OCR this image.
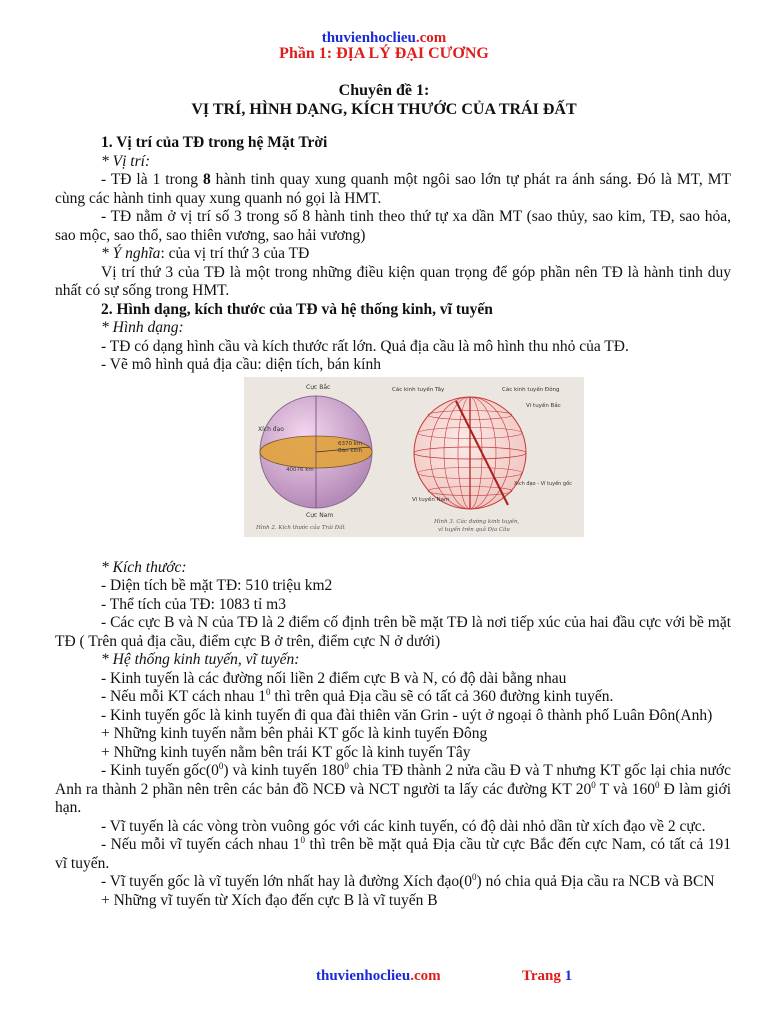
thuvienhoclieu.com
Phần 1: ĐỊA LÝ ĐẠI CƯƠNG
Chuyên đề 1:
VỊ TRÍ, HÌNH DẠNG, KÍCH THƯỚC CỦA TRÁI ĐẤT

1. Vị trí của TĐ trong hệ Mặt Trời

* Vị trí:

- TĐ là 1 trong 8 hành tinh quay xung quanh một ngôi sao lớn tự phát ra ánh sáng. Đó là MT, MT cùng các hành tinh quay xung quanh nó gọi là HMT.

- TĐ nằm ở vị trí số 3 trong số 8 hành tinh theo thứ tự xa dần MT (sao thủy, sao kim, TĐ, sao hỏa, sao mộc, sao thổ, sao thiên vương, sao hải vương)

* Ý nghĩa: của vị trí thứ 3 của TĐ

Vị trí thứ 3 của TĐ là một trong những điều kiện quan trọng để góp phần nên TĐ là hành tinh duy nhất có sự sống trong HMT.

2. Hình dạng, kích thước của TĐ và hệ thống kinh, vĩ tuyến

* Hình dạng:

- TĐ có dạng hình cầu và kích thước rất lớn. Quả địa cầu là mô hình thu nhỏ của TĐ.

- Vẽ mô hình quả địa cầu: diện tích, bán kính

Cực Bắc
Xích đạo
6370 km
Bán kính
40076 km
Cực Nam
Hình 2. Kích thước của Trái Đất
Các kinh tuyến Tây	Các kinh tuyến Đông
Vĩ tuyến Bắc
Xích đạo - Vĩ tuyến gốc
Vĩ tuyến Nam
Hình 3. Các đường kinh tuyến,
vĩ tuyến trên quả Địa Cầu

* Kích thước:

- Diện tích bề mặt TĐ: 510 triệu km2

- Thể tích của TĐ: 1083 tỉ m3

- Các cực B và N của TĐ là 2 điểm cố định trên bề mặt TĐ là nơi tiếp xúc của hai đầu cực với bề mặt TĐ ( Trên quả địa cầu, điểm cực B ở trên, điểm cực N ở dưới)

* Hệ thống kinh tuyến, vĩ tuyến:

- Kinh tuyến là các đường nối liền 2 điểm cực B và N, có độ dài bằng nhau

- Nếu mỗi KT cách nhau $1^0$ thì trên quả Địa cầu sẽ có tất cả 360 đường kinh tuyến.

- Kinh tuyến gốc là kinh tuyến đi qua đài thiên văn Grin - uýt ở ngoại ô thành phố Luân Đôn(Anh)

+ Những kinh tuyến nằm bên phải KT gốc là kinh tuyến Đông

+ Những kinh tuyến nằm bên trái KT gốc là kinh tuyến Tây

- Kinh tuyến $gốc(0^0)$ và kinh tuyến $180^0$ chia TĐ thành 2 nửa cầu Đ và T nhưng KT gốc lại chia nước Anh ra thành 2 phần nên trên các bản đồ NCĐ và NCT người ta lấy các đường KT $20^0$ T và $160^0$ Đ làm giới hạn.

- Vĩ tuyến là các vòng tròn vuông góc với các kinh tuyến, có độ dài nhỏ dần từ xích đạo về 2 cực.

- Nếu mỗi vĩ tuyến cách nhau $1^0$ thì trên bề mặt quả Địa cầu từ cực Bắc đến cực Nam, có tất cả 191 vĩ tuyến.

- Vĩ tuyến gốc là vĩ tuyến lớn nhất hay là đường Xích $đạo(0^0)$ nó chia quả Địa cầu ra NCB và BCN

+ Những vĩ tuyến từ Xích đạo đến cực B là vĩ tuyến B

thuvienhoclieu.com	Trang 1
